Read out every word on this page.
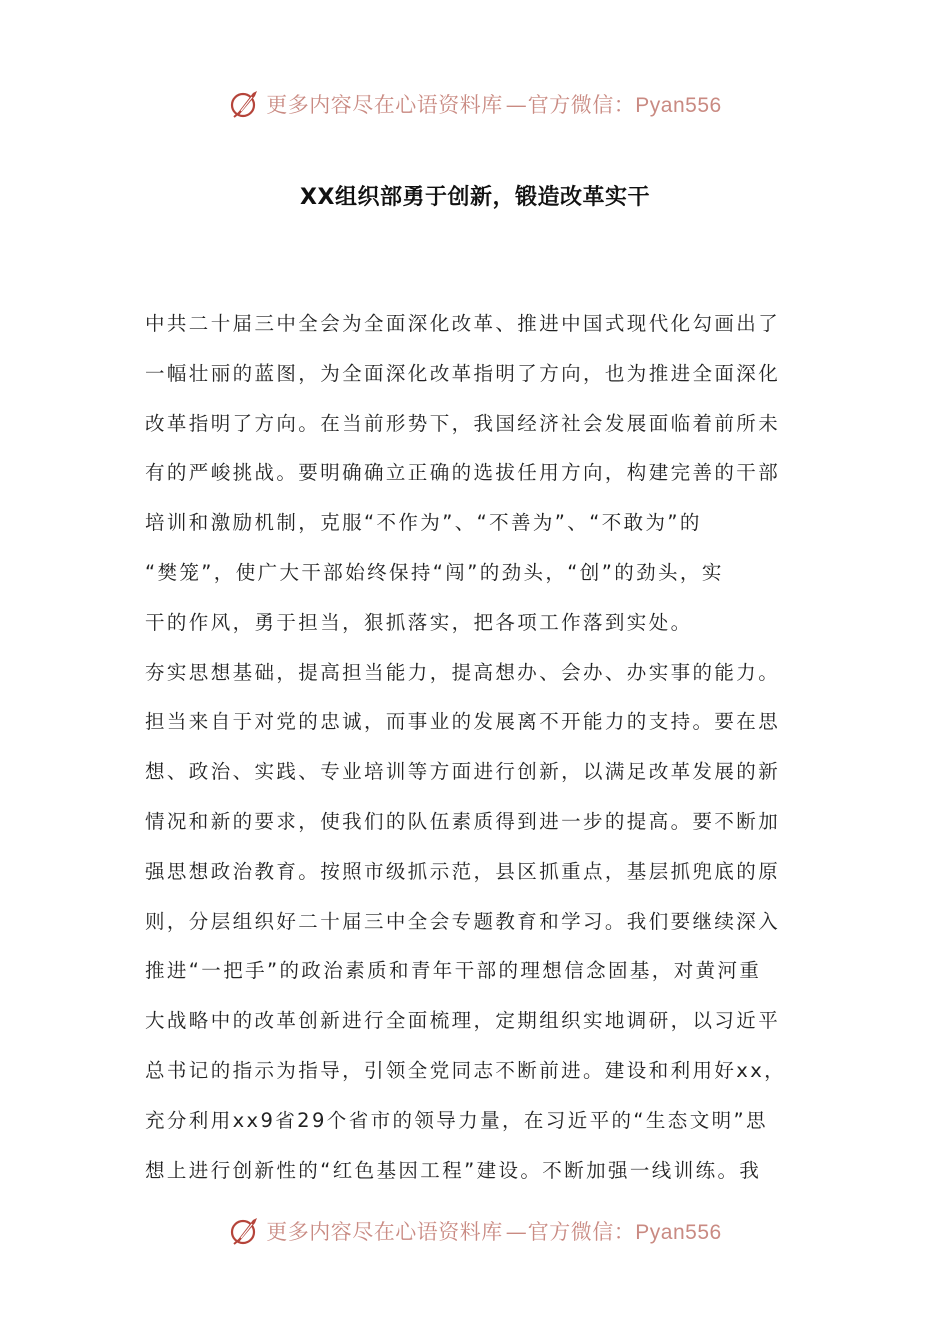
更多内容尽在心语资料库 — 官方微信：Pyan556
XX组织部勇于创新，锻造改革实干
中共二十届三中全会为全面深化改革、推进中国式现代化勾画出了
一幅壮丽的蓝图，为全面深化改革指明了方向，也为推进全面深化
改革指明了方向。在当前形势下，我国经济社会发展面临着前所未
有的严峻挑战。要明确确立正确的选拔任用方向，构建完善的干部
培训和激励机制，克服“不作为”、“不善为”、“不敢为”的
“樊笼”，使广大干部始终保持“闯”的劲头，“创”的劲头，实
干的作风，勇于担当，狠抓落实，把各项工作落到实处。
夯实思想基础，提高担当能力，提高想办、会办、办实事的能力。
担当来自于对党的忠诚，而事业的发展离不开能力的支持。要在思
想、政治、实践、专业培训等方面进行创新，以满足改革发展的新
情况和新的要求，使我们的队伍素质得到进一步的提高。要不断加
强思想政治教育。按照市级抓示范，县区抓重点，基层抓兜底的原
则，分层组织好二十届三中全会专题教育和学习。我们要继续深入
推进“一把手”的政治素质和青年干部的理想信念固基，对黄河重
大战略中的改革创新进行全面梳理，定期组织实地调研，以习近平
总书记的指示为指导，引领全党同志不断前进。建设和利用好xx，
充分利用xx9省29个省市的领导力量，在习近平的“生态文明”思
想上进行创新性的“红色基因工程”建设。不断加强一线训练。我
更多内容尽在心语资料库 — 官方微信：Pyan556
